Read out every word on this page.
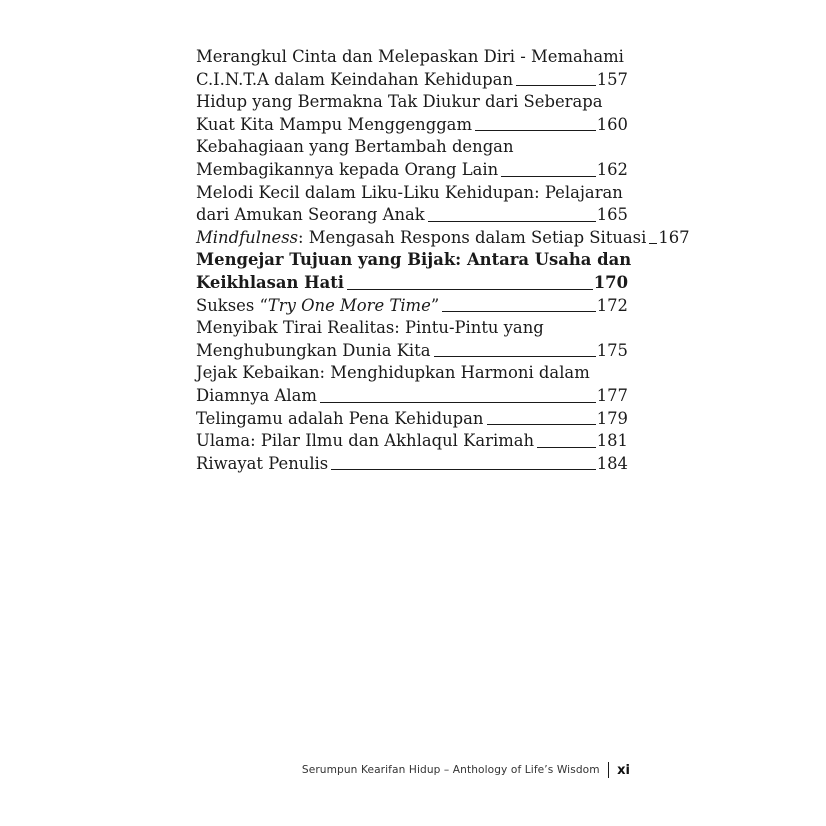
Merangkul Cinta dan Melepaskan Diri - Memahami
C.I.N.T.A dalam Keindahan Kehidupan	157
Hidup yang Bermakna Tak Diukur dari Seberapa
Kuat Kita Mampu Menggenggam	160
Kebahagiaan yang Bertambah dengan
Membagikannya kepada Orang Lain	162
Melodi Kecil dalam Liku-Liku Kehidupan: Pelajaran
dari Amukan Seorang Anak	165
Mindfulness: Mengasah Respons dalam Setiap Situasi 167
Mengejar Tujuan yang Bijak: Antara Usaha dan
Keikhlasan Hati	170
Sukses “Try One More Time”	172
Menyibak Tirai Realitas: Pintu-Pintu yang
Menghubungkan Dunia Kita	175
Jejak Kebaikan: Menghidupkan Harmoni dalam
Diamnya Alam	177
Telingamu adalah Pena Kehidupan	179
Ulama: Pilar Ilmu dan Akhlaqul Karimah	181
Riwayat Penulis	184
Serumpun Kearifan Hidup – Anthology of Life’s Wisdom xi
